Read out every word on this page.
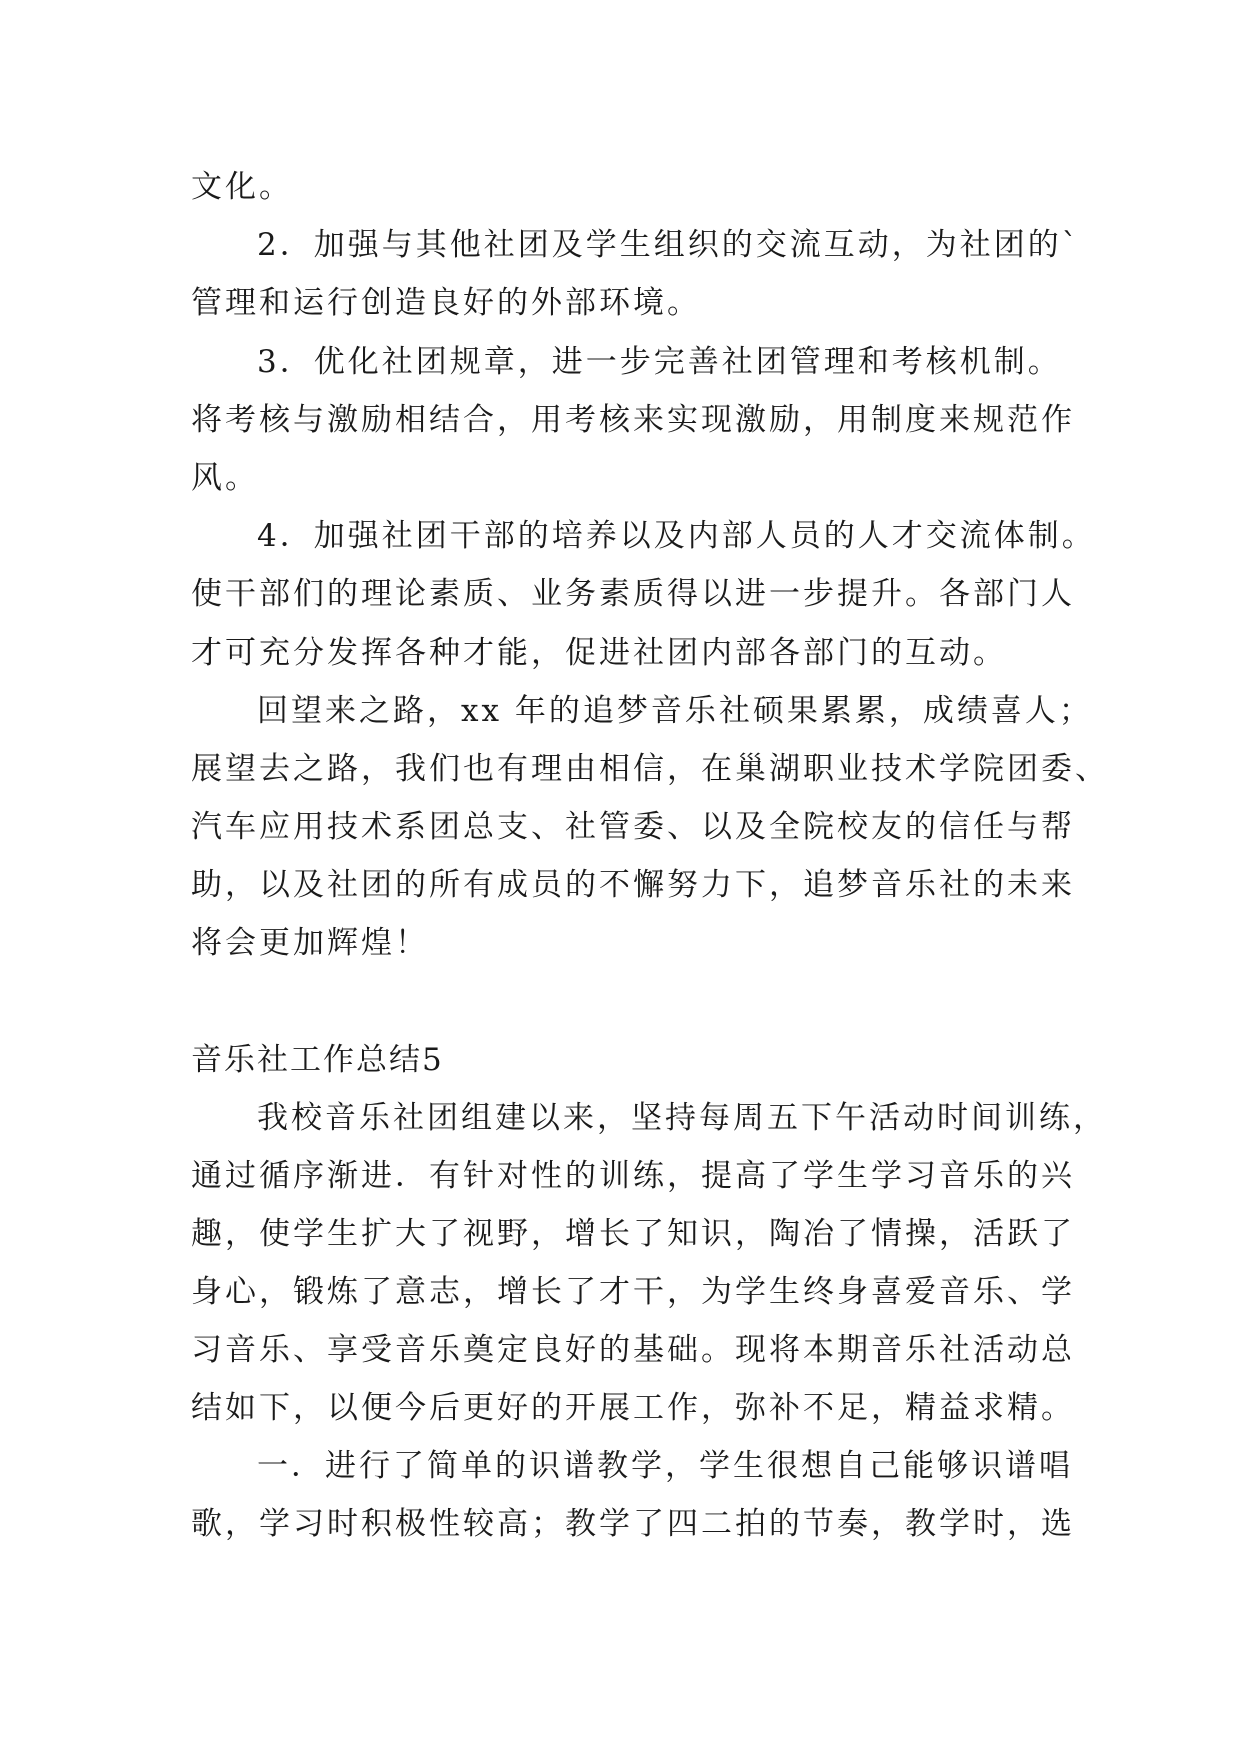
文化。
2．加强与其他社团及学生组织的交流互动，为社团的`
管理和运行创造良好的外部环境。
3．优化社团规章，进一步完善社团管理和考核机制。
将考核与激励相结合，用考核来实现激励，用制度来规范作
风。
4．加强社团干部的培养以及内部人员的人才交流体制。
使干部们的理论素质、业务素质得以进一步提升。各部门人
才可充分发挥各种才能，促进社团内部各部门的互动。
回望来之路，xx 年的追梦音乐社硕果累累，成绩喜人；
展望去之路，我们也有理由相信，在巢湖职业技术学院团委、
汽车应用技术系团总支、社管委、以及全院校友的信任与帮
助，以及社团的所有成员的不懈努力下，追梦音乐社的未来
将会更加辉煌！
音乐社工作总结5
我校音乐社团组建以来，坚持每周五下午活动时间训练，
通过循序渐进．有针对性的训练，提高了学生学习音乐的兴
趣，使学生扩大了视野，增长了知识，陶冶了情操，活跃了
身心，锻炼了意志，增长了才干，为学生终身喜爱音乐、学
习音乐、享受音乐奠定良好的基础。现将本期音乐社活动总
结如下，以便今后更好的开展工作，弥补不足，精益求精。
一．进行了简单的识谱教学，学生很想自己能够识谱唱
歌，学习时积极性较高；教学了四二拍的节奏，教学时，选
